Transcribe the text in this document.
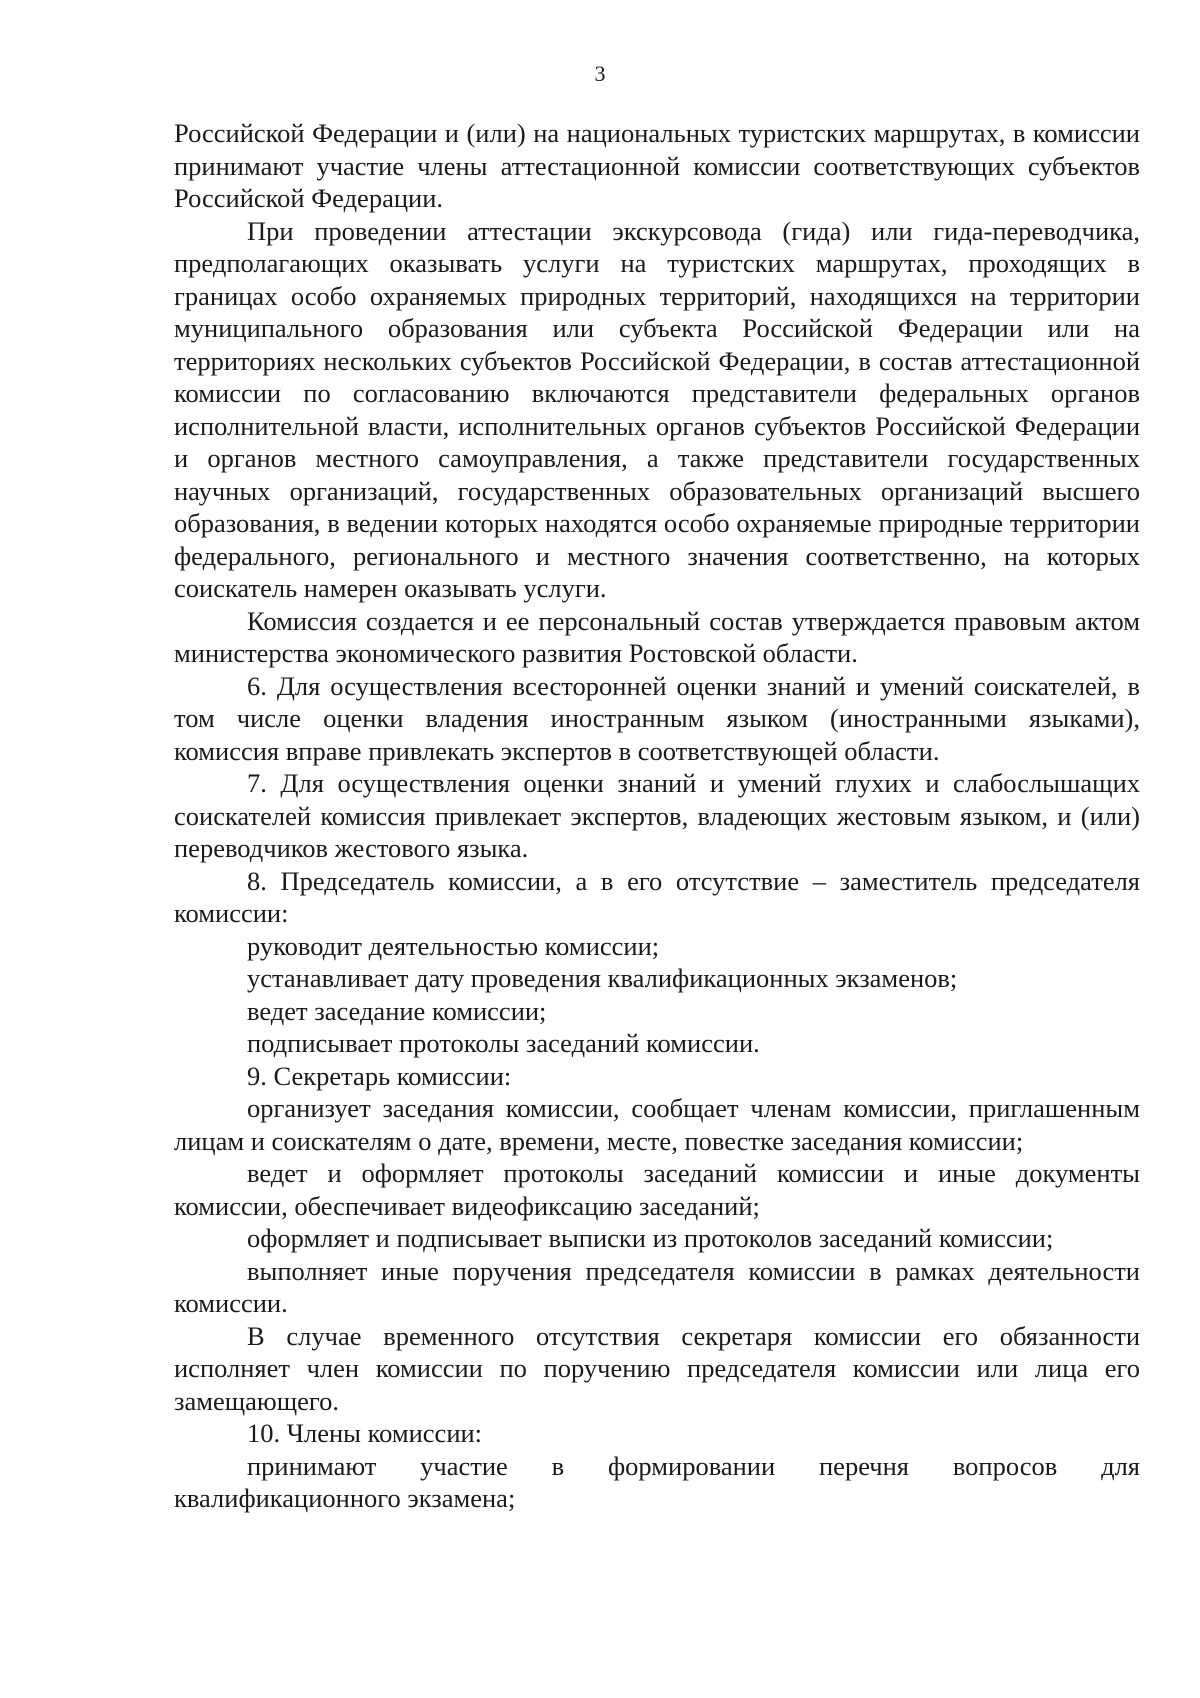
3

Российской Федерации и (или) на национальных туристских маршрутах, в комиссии принимают участие члены аттестационной комиссии соответствующих субъектов Российской Федерации.

При проведении аттестации экскурсовода (гида) или гида-переводчика, предполагающих оказывать услуги на туристских маршрутах, проходящих в границах особо охраняемых природных территорий, находящихся на территории муниципального образования или субъекта Российской Федерации или на территориях нескольких субъектов Российской Федерации, в состав аттестационной комиссии по согласованию включаются представители федеральных органов исполнительной власти, исполнительных органов субъектов Российской Федерации и органов местного самоуправления, а также представители государственных научных организаций, государственных образовательных организаций высшего образования, в ведении которых находятся особо охраняемые природные территории федерального, регионального и местного значения соответственно, на которых соискатель намерен оказывать услуги.

Комиссия создается и ее персональный состав утверждается правовым актом министерства экономического развития Ростовской области.

6. Для осуществления всесторонней оценки знаний и умений соискателей, в том числе оценки владения иностранным языком (иностранными языками), комиссия вправе привлекать экспертов в соответствующей области.

7. Для осуществления оценки знаний и умений глухих и слабослышащих соискателей комиссия привлекает экспертов, владеющих жестовым языком, и (или) переводчиков жестового языка.

8. Председатель комиссии, а в его отсутствие – заместитель председателя комиссии:

руководит деятельностью комиссии;

устанавливает дату проведения квалификационных экзаменов;

ведет заседание комиссии;

подписывает протоколы заседаний комиссии.

9. Секретарь комиссии:

организует заседания комиссии, сообщает членам комиссии, приглашенным лицам и соискателям о дате, времени, месте, повестке заседания комиссии;

ведет и оформляет протоколы заседаний комиссии и иные документы комиссии, обеспечивает видеофиксацию заседаний;

оформляет и подписывает выписки из протоколов заседаний комиссии;

выполняет иные поручения председателя комиссии в рамках деятельности комиссии.

В случае временного отсутствия секретаря комиссии его обязанности исполняет член комиссии по поручению председателя комиссии или лица его замещающего.

10. Члены комиссии:

принимают участие в формировании перечня вопросов для квалификационного экзамена;
